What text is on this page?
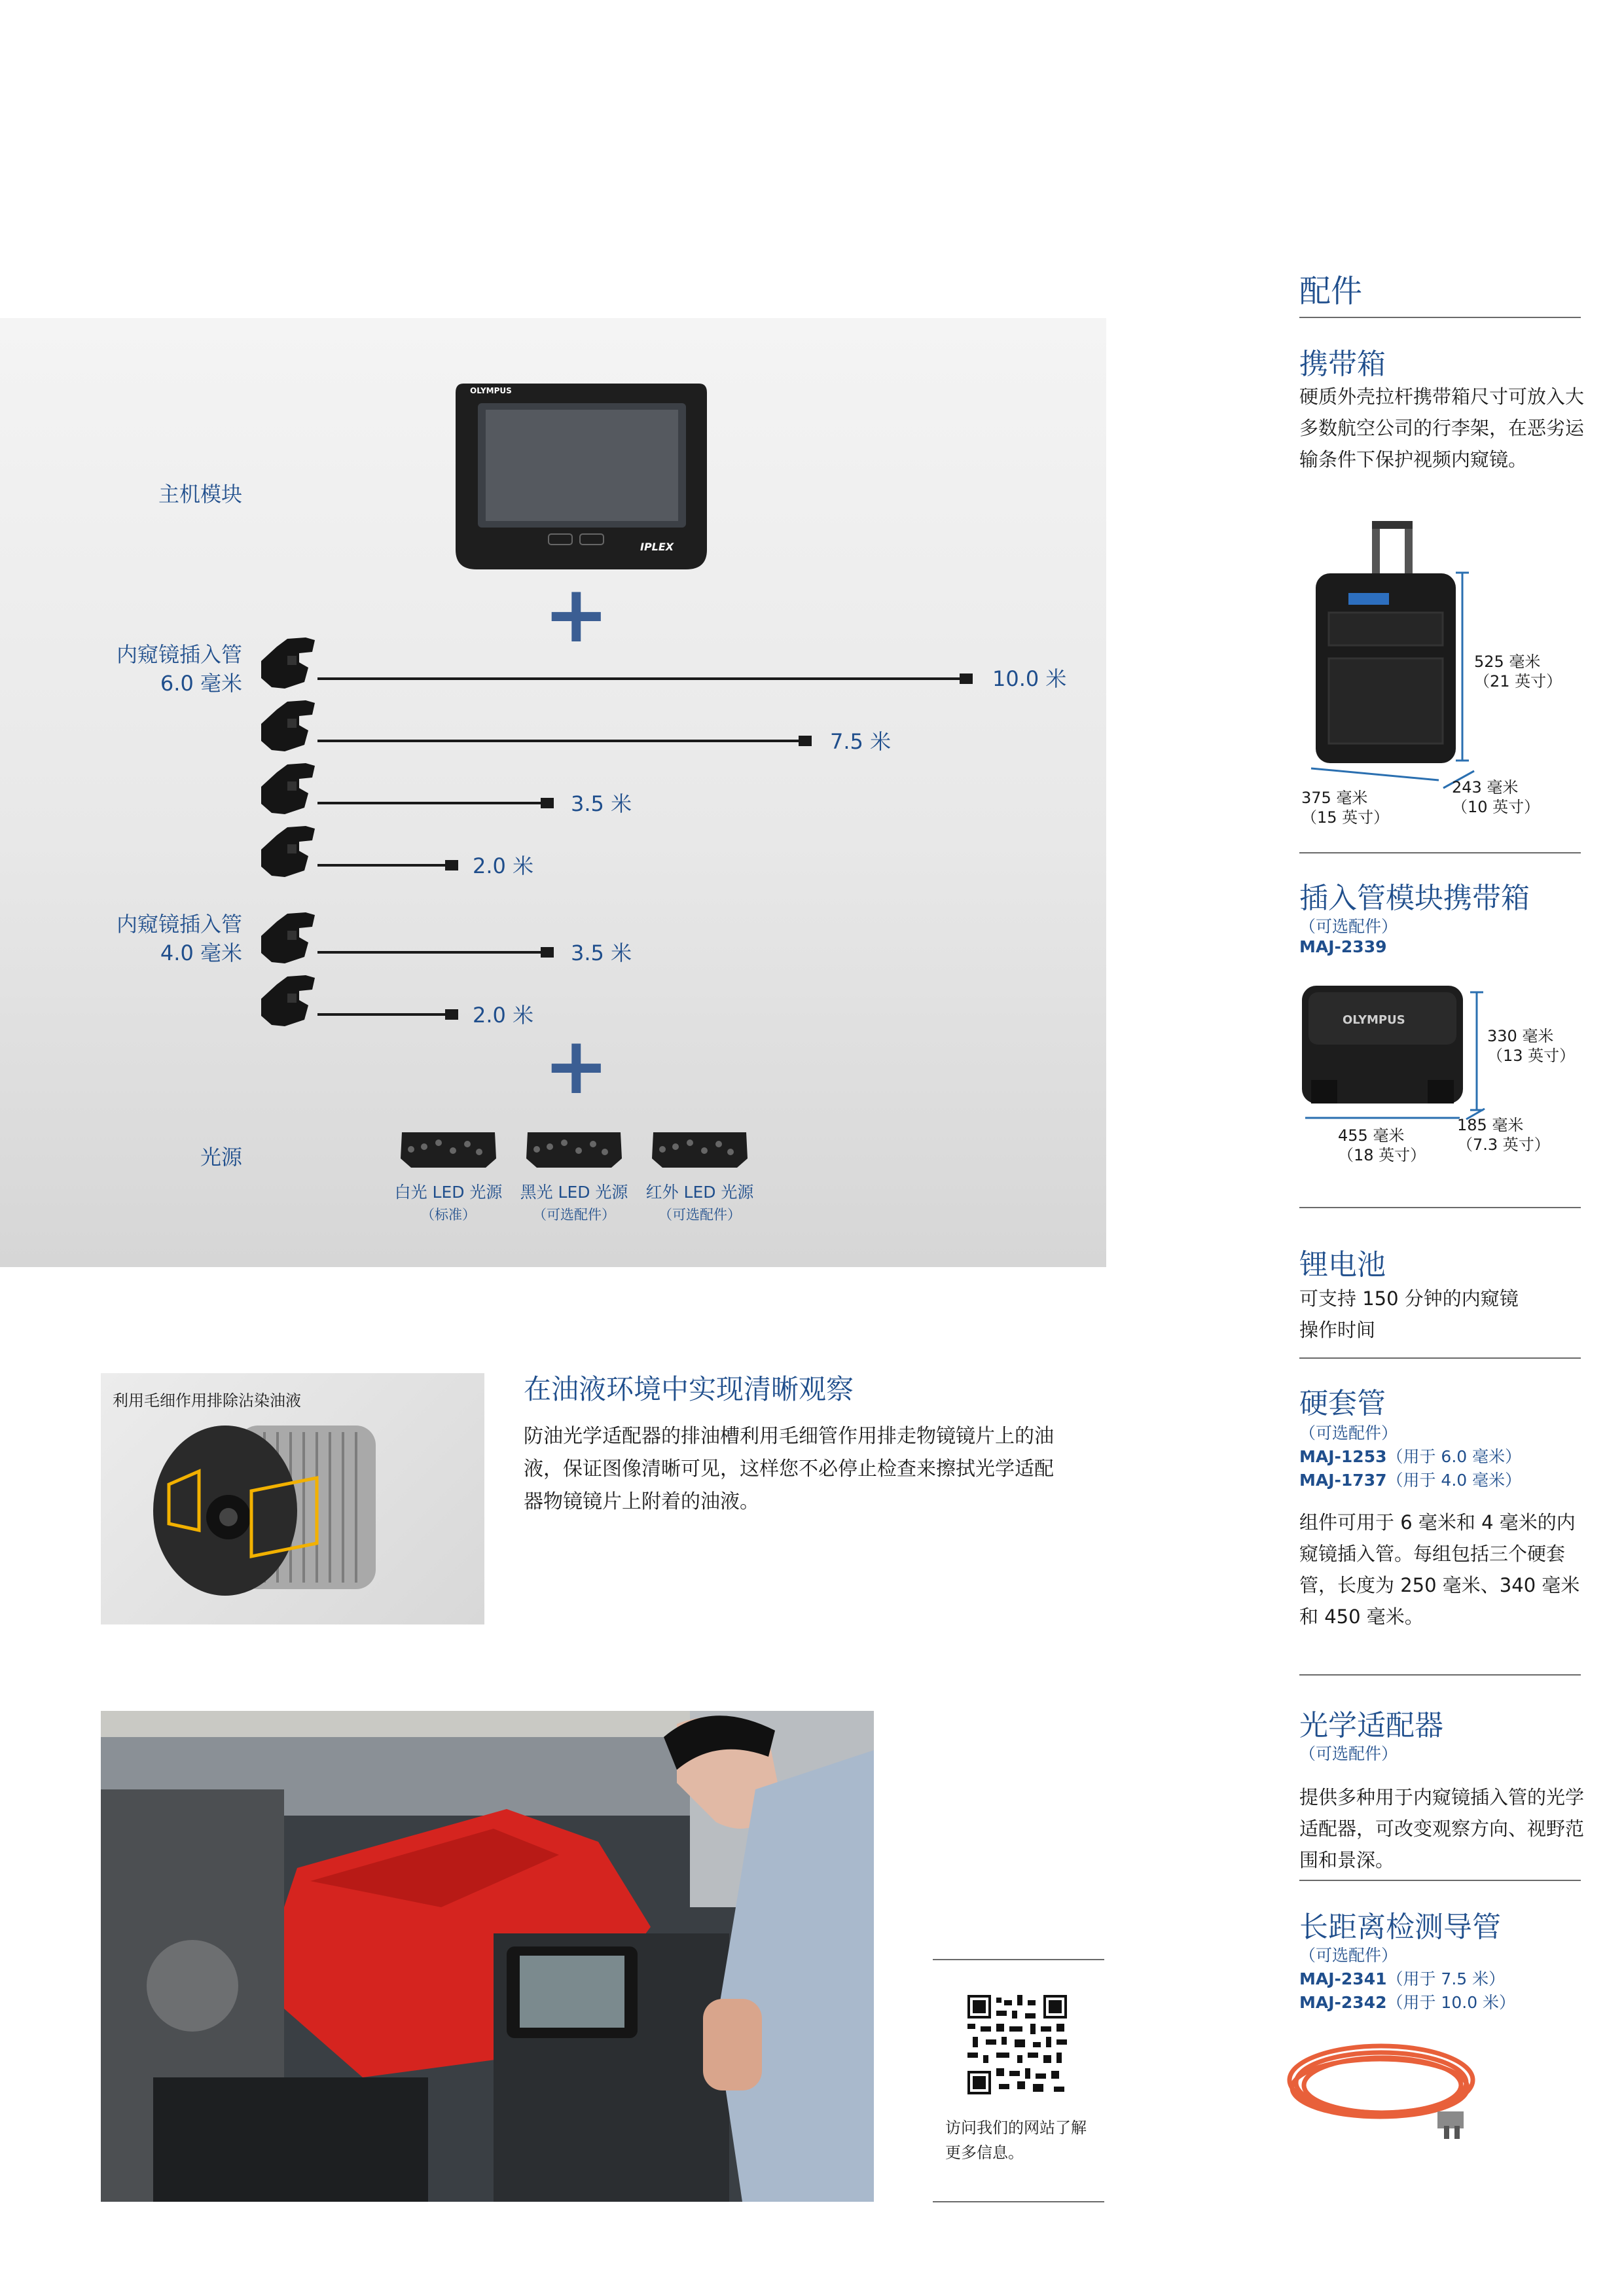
OLYMPUS
IPLEX
主机模块
+
内窥镜插入管
6.0 毫米	10.0 米
7.5 米
3.5 米
2.0 米
内窥镜插入管
4.0 毫米	3.5 米
2.0 米
+
光源
白光 LED 光源
（标准）
黑光 LED 光源
（可选配件）
红外 LED 光源
（可选配件）
利用毛细作用排除沾染油液	在油液环境中实现清晰观察
防油光学适配器的排油槽利用毛细管作用排走物镜镜片上的油液，保证图像清晰可见，这样您不必停止检查来擦拭光学适配器物镜镜片上附着的油液。
访问我们的网站了解
更多信息。
配件
携带箱
硬质外壳拉杆携带箱尺寸可放入大多数航空公司的行李架，在恶劣运输条件下保护视频内窥镜。
525 毫米
（21 英寸）
375 毫米
（15 英寸）
243 毫米
（10 英寸）
插入管模块携带箱
（可选配件）
MAJ-2339
OLYMPUS
330 毫米
（13 英寸）
455 毫米
（18 英寸）
185 毫米
（7.3 英寸）
锂电池
可支持 150 分钟的内窥镜操作时间
硬套管
（可选配件）
MAJ-1253（用于 6.0 毫米）
MAJ-1737（用于 4.0 毫米）
组件可用于 6 毫米和 4 毫米的内窥镜插入管。每组包括三个硬套管，长度为 250 毫米、340 毫米和 450 毫米。
光学适配器
（可选配件）
提供多种用于内窥镜插入管的光学适配器，可改变观察方向、视野范围和景深。
长距离检测导管
（可选配件）
MAJ-2341（用于 7.5 米）
MAJ-2342（用于 10.0 米）
